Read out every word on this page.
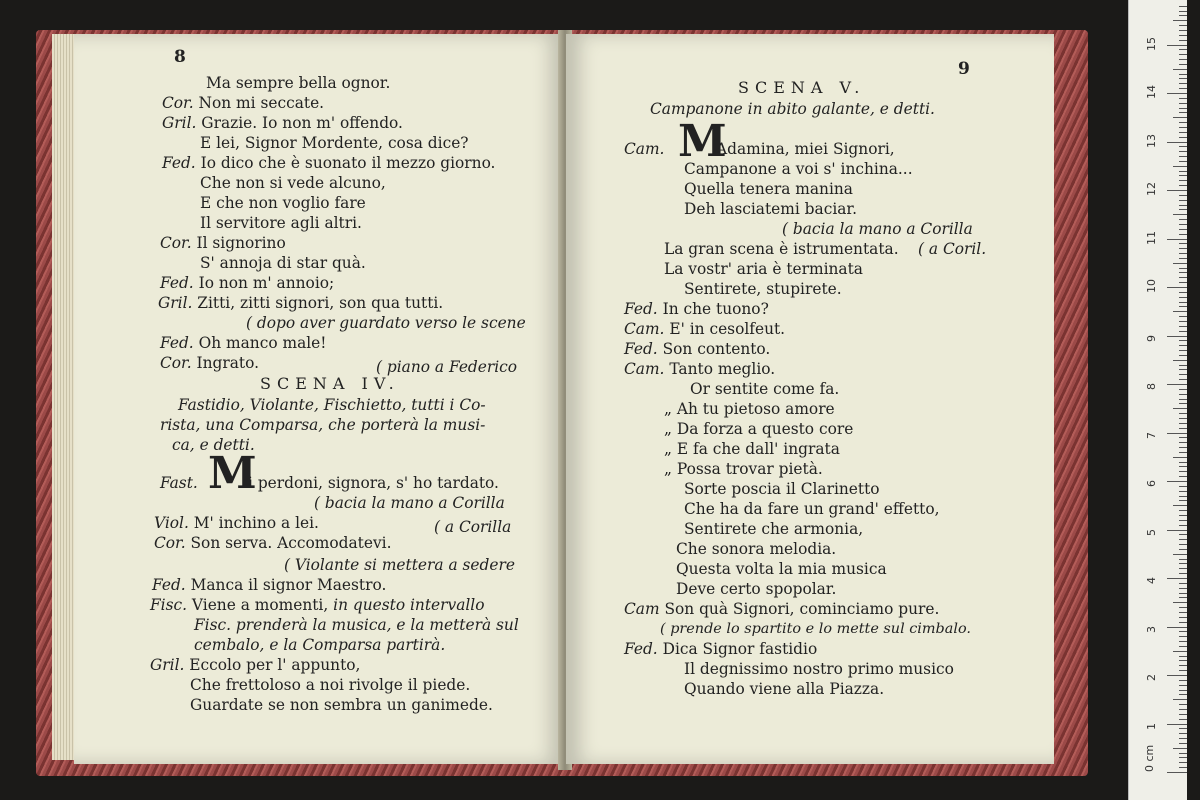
8
Ma sempre bella ognor.
Cor. Non mi seccate.
Gril. Grazie. Io non m' offendo.
E lei, Signor Mordente, cosa dice?
Fed. Io dico che è suonato il mezzo giorno.
Che non si vede alcuno,
E che non voglio fare
Il servitore agli altri.
Cor. Il signorino
S' annoja di star quà.
Fed. Io non m' annoio;
Gril. Zitti, zitti signori, son qua tutti.
( dopo aver guardato verso le scene
Fed. Oh manco male!
Cor. Ingrato.	( piano a Federico
SCENA IV.
Fastidio, Violante, Fischietto, tutti i Co-
rista, una Comparsa, che porterà la musi-
ca, e detti.
Fast. M
i perdoni, signora, s' ho tardato.
( bacia la mano a Corilla
Viol. M' inchino a lei.	( a Corilla
Cor. Son serva. Accomodatevi.
( Violante si mettera a sedere
Fed. Manca il signor Maestro.
Fisc. Viene a momenti, in questo intervallo
Fisc. prenderà la musica, e la metterà sul
cembalo, e la Comparsa partirà.
Gril. Eccolo per l' appunto,
Che frettoloso a noi rivolge il piede.
Guardate se non sembra un ganimede.
9
SCENA V.
Campanone in abito galante, e detti.
Cam. M
Adamina, miei Signori,
Campanone a voi s' inchina...
Quella tenera manina
Deh lasciatemi baciar.
( bacia la mano a Corilla
La gran scena è istrumentata. ( a Coril.
La vostr' aria è terminata
Sentirete, stupirete.
Fed. In che tuono?
Cam. E' in cesolfeut.
Fed. Son contento.
Cam. Tanto meglio.
Or sentite come fa.
„ Ah tu pietoso amore
„ Da forza a questo core
„ E fa che dall' ingrata
„ Possa trovar pietà.
Sorte poscia il Clarinetto
Che ha da fare un grand' effetto,
Sentirete che armonia,
Che sonora melodia.
Questa volta la mia musica
Deve certo spopolar.
Cam Son quà Signori, cominciamo pure.
( prende lo spartito e lo mette sul cimbalo.
Fed. Dica Signor fastidio
Il degnissimo nostro primo musico
Quando viene alla Piazza.
0 cm
1
2
3
4
5
6
7
8
9
10
11
12
13
14
15
